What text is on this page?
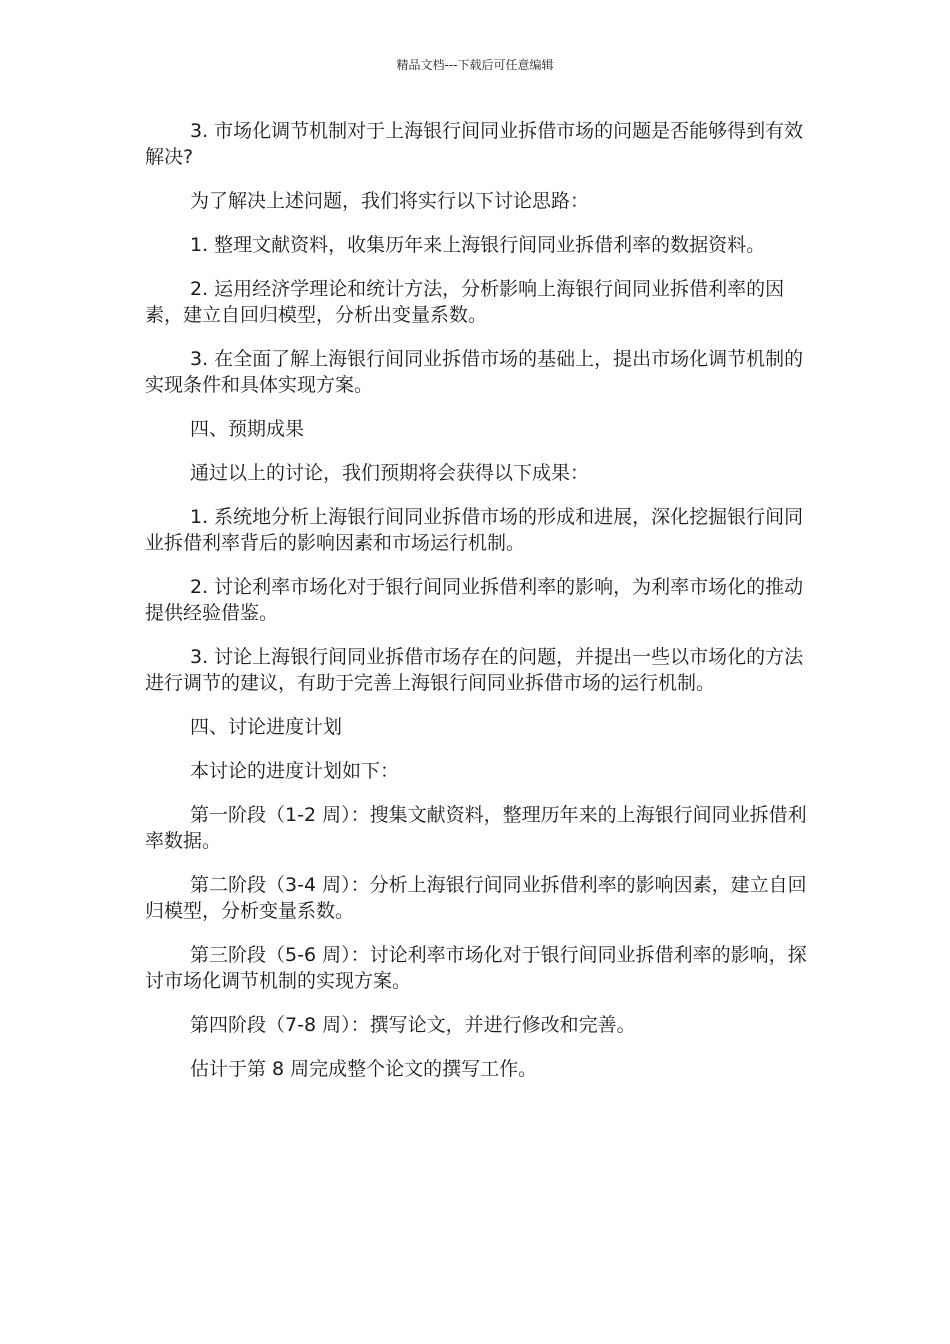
精品文档---下载后可任意编辑

3. 市场化调节机制对于上海银行间同业拆借市场的问题是否能够得到有效解决?

为了解决上述问题，我们将实行以下讨论思路：

1. 整理文献资料，收集历年来上海银行间同业拆借利率的数据资料。

2. 运用经济学理论和统计方法，分析影响上海银行间同业拆借利率的因素，建立自回归模型，分析出变量系数。

3. 在全面了解上海银行间同业拆借市场的基础上，提出市场化调节机制的实现条件和具体实现方案。

四、预期成果

通过以上的讨论，我们预期将会获得以下成果：

1. 系统地分析上海银行间同业拆借市场的形成和进展，深化挖掘银行间同业拆借利率背后的影响因素和市场运行机制。

2. 讨论利率市场化对于银行间同业拆借利率的影响，为利率市场化的推动提供经验借鉴。

3. 讨论上海银行间同业拆借市场存在的问题，并提出一些以市场化的方法进行调节的建议，有助于完善上海银行间同业拆借市场的运行机制。

四、讨论进度计划

本讨论的进度计划如下：

第一阶段（1-2 周）：搜集文献资料，整理历年来的上海银行间同业拆借利率数据。

第二阶段（3-4 周）：分析上海银行间同业拆借利率的影响因素，建立自回归模型，分析变量系数。

第三阶段（5-6 周）：讨论利率市场化对于银行间同业拆借利率的影响，探讨市场化调节机制的实现方案。

第四阶段（7-8 周）：撰写论文，并进行修改和完善。

估计于第 8 周完成整个论文的撰写工作。
